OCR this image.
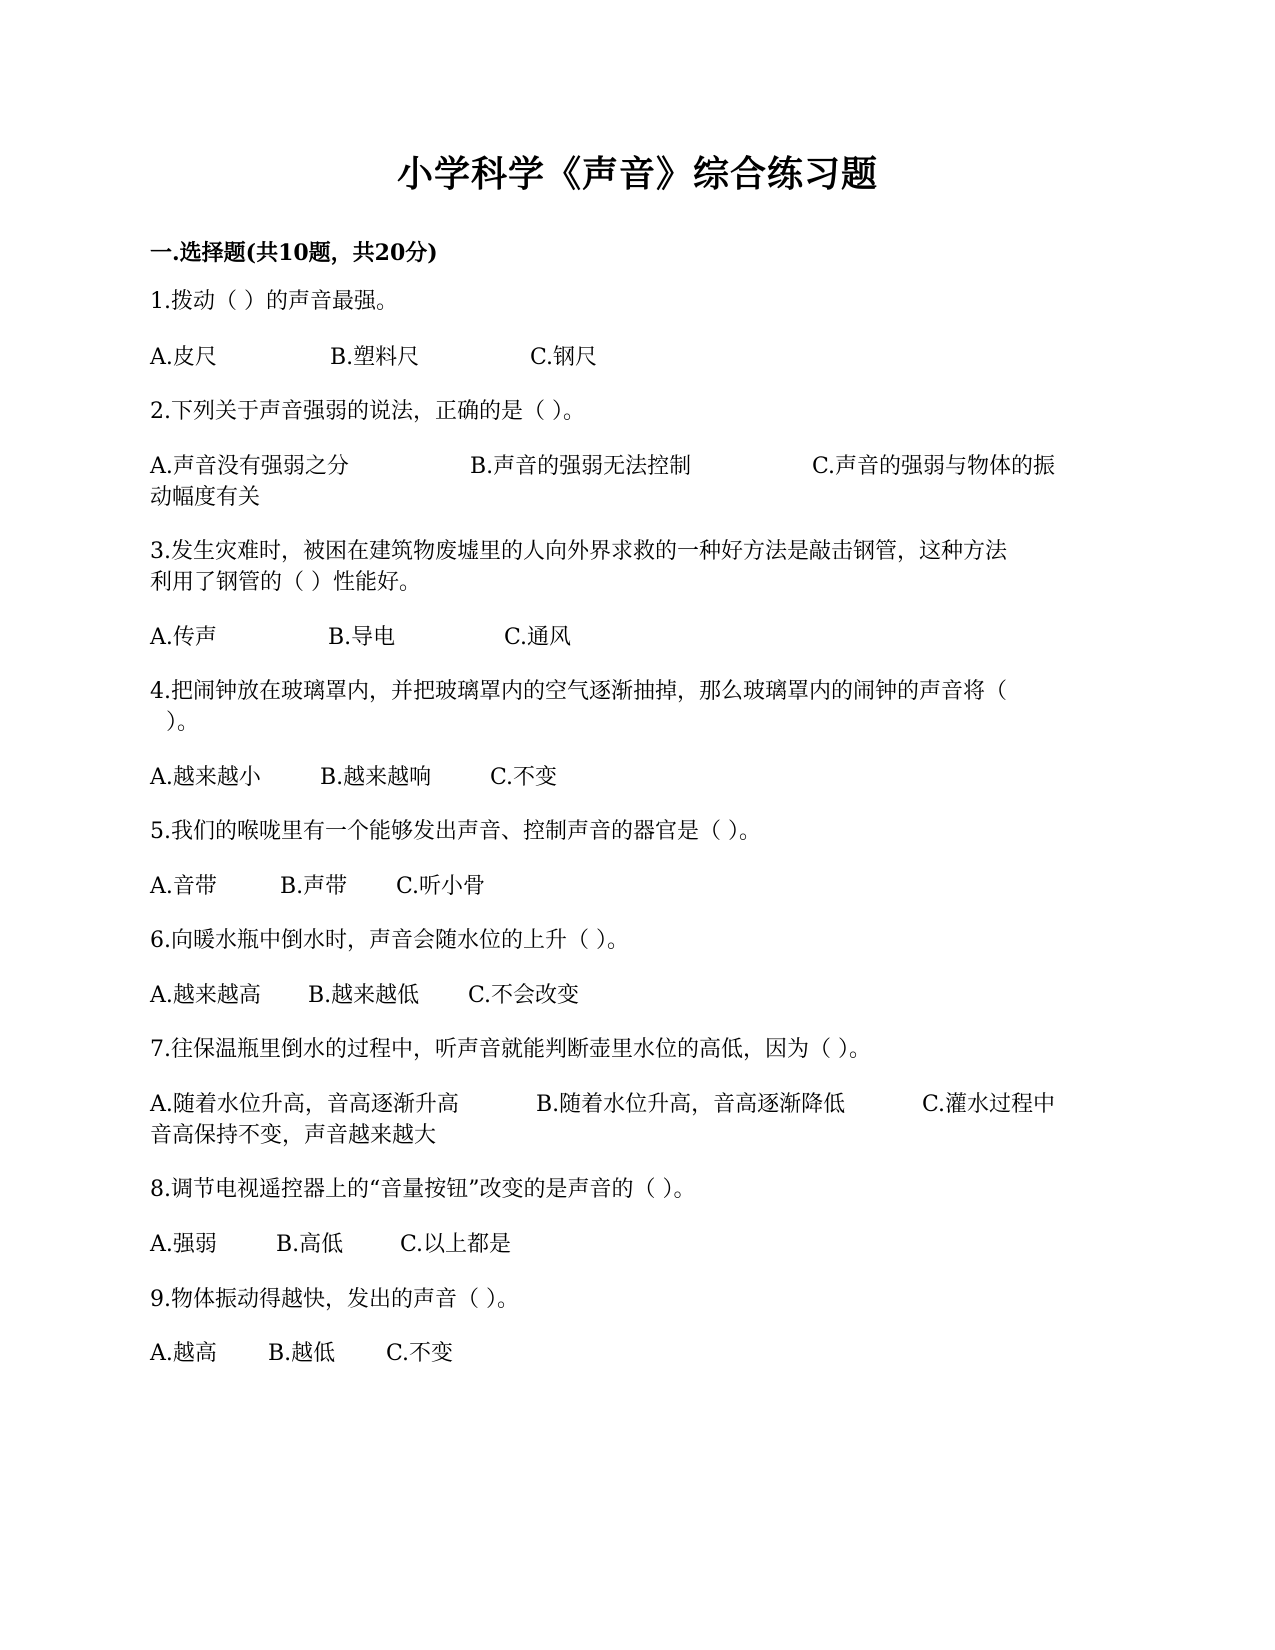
小学科学《声音》综合练习题
一.选择题(共10题，共20分)
1.拨动（ ）的声音最强。
A.皮尺	B.塑料尺	C.钢尺
2.下列关于声音强弱的说法，正确的是（ ）。
A.声音没有强弱之分	B.声音的强弱无法控制	C.声音的强弱与物体的振
动幅度有关
3.发生灾难时，被困在建筑物废墟里的人向外界求救的一种好方法是敲击钢管，这种方法
利用了钢管的（ ）性能好。
A.传声	B.导电	C.通风
4.把闹钟放在玻璃罩内，并把玻璃罩内的空气逐渐抽掉，那么玻璃罩内的闹钟的声音将（
）。
A.越来越小	B.越来越响	C.不变
5.我们的喉咙里有一个能够发出声音、控制声音的器官是（ ）。
A.音带	B.声带 C.听小骨
6.向暖水瓶中倒水时，声音会随水位的上升（ ）。
A.越来越高 B.越来越低 C.不会改变
7.往保温瓶里倒水的过程中，听声音就能判断壶里水位的高低，因为（ ）。
A.随着水位升高，音高逐渐升高	B.随着水位升高，音高逐渐降低	C.灌水过程中
音高保持不变，声音越来越大
8.调节电视遥控器上的“音量按钮”改变的是声音的（ ）。
A.强弱	B.高低	C.以上都是
9.物体振动得越快，发出的声音（ ）。
A.越高 B.越低 C.不变
